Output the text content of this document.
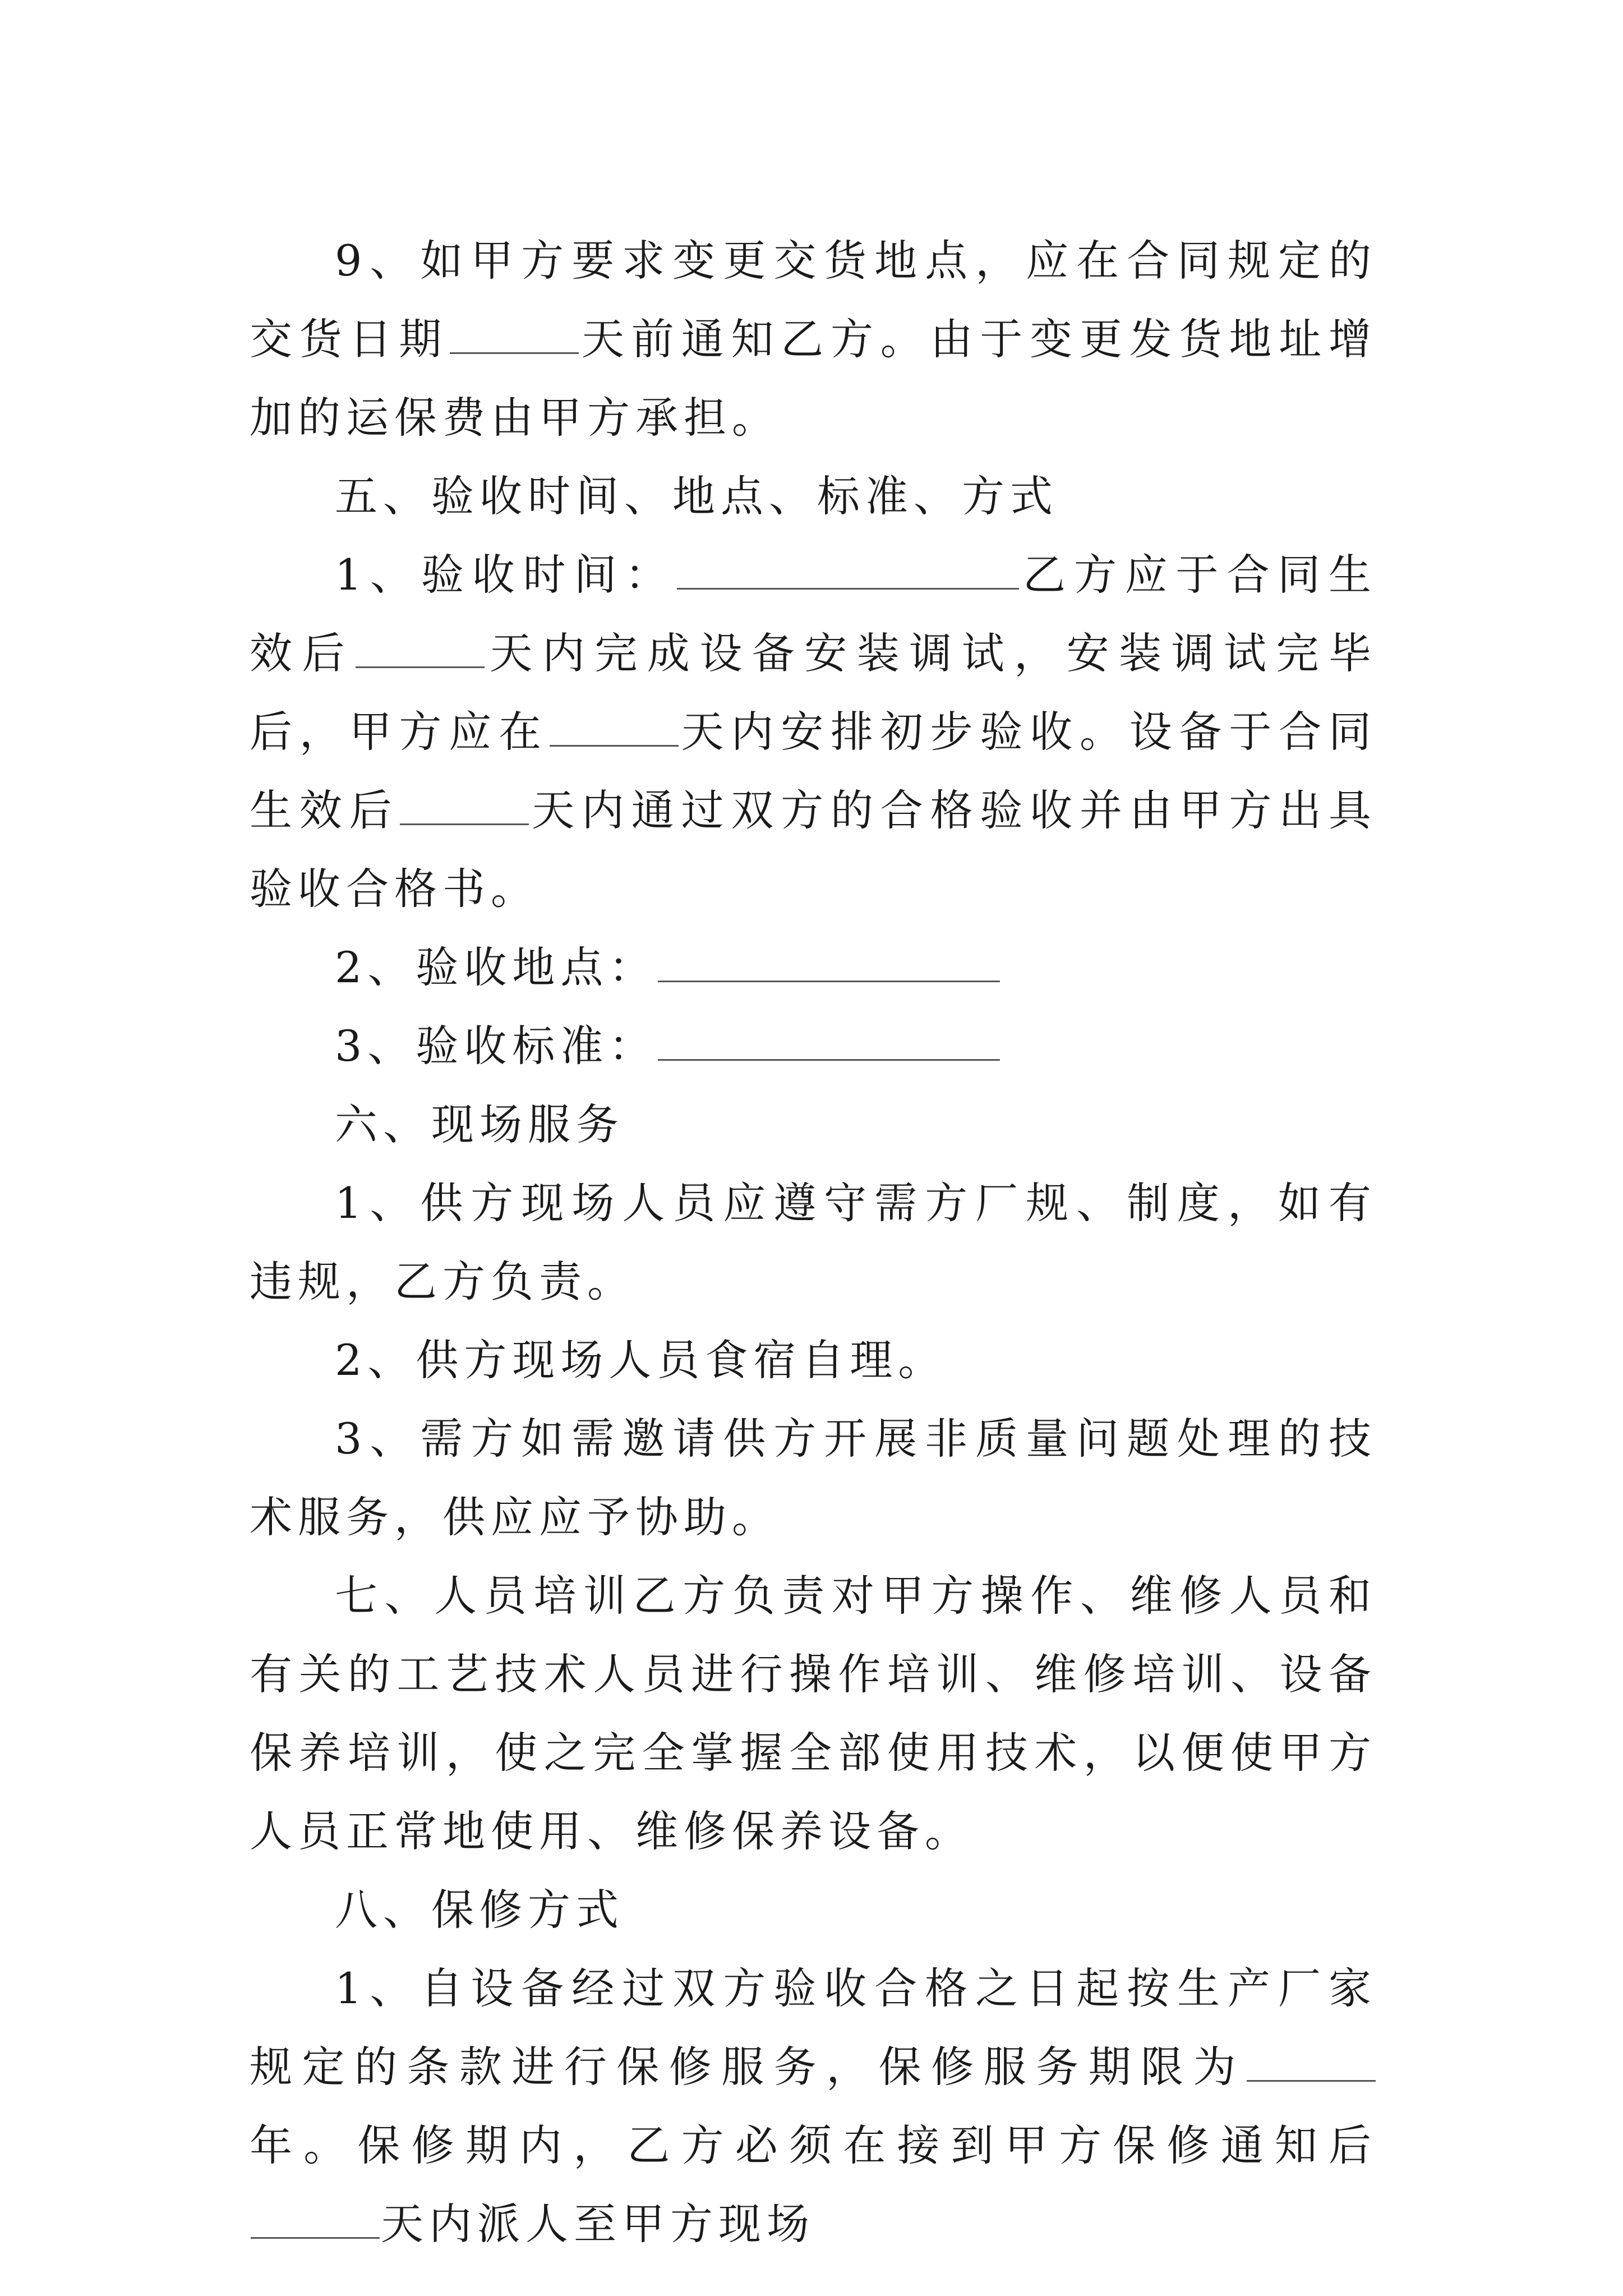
9、如甲方要求变更交货地点，应在合同规定的交货日期	天前通知乙方。由于变更发货地址增加的运保费由甲方承担。

五、验收时间、地点、标准、方式

1、验收时间：	乙方应于合同生效后	天内完成设备安装调试，安装调试完毕后，甲方应在	天内安排初步验收。设备于合同生效后	天内通过双方的合格验收并由甲方出具验收合格书。

2、验收地点：

3、验收标准：

六、现场服务

1、供方现场人员应遵守需方厂规、制度，如有违规，乙方负责。

2、供方现场人员食宿自理。

3、需方如需邀请供方开展非质量问题处理的技术服务，供应应予协助。

七、人员培训乙方负责对甲方操作、维修人员和有关的工艺技术人员进行操作培训、维修培训、设备保养培训，使之完全掌握全部使用技术，以便使甲方人员正常地使用、维修保养设备。

八、保修方式

1、自设备经过双方验收合格之日起按生产厂家规定的条款进行保修服务，保修服务期限为年。保修期内，乙方必须在接到甲方保修通知后天内派人至甲方现场
